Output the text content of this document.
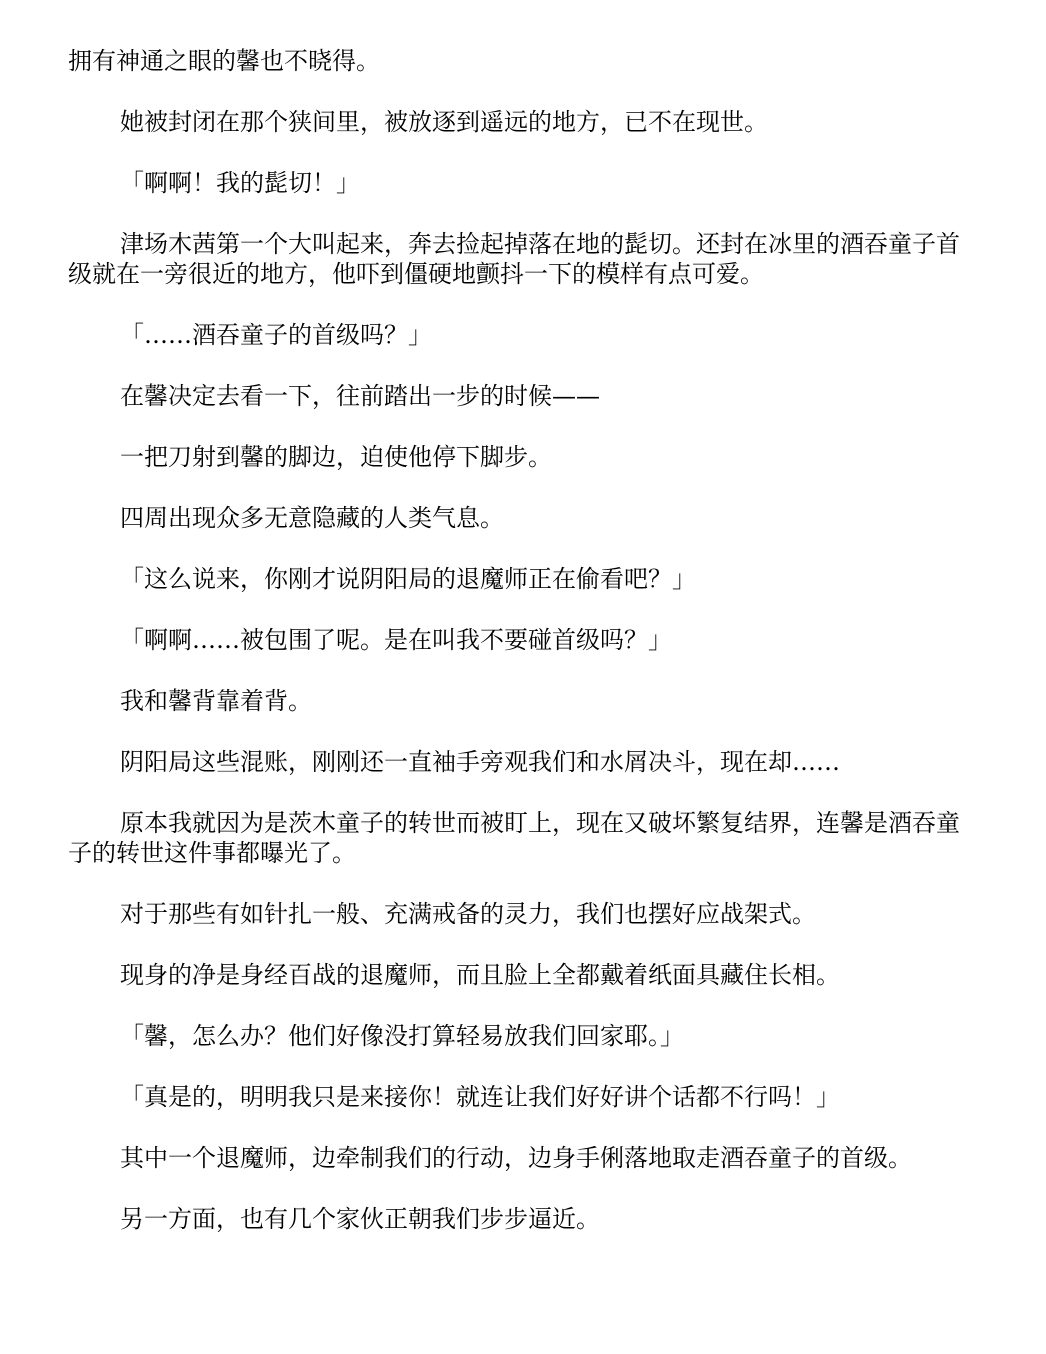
拥有神通之眼的馨也不晓得。

她被封闭在那个狭间里，被放逐到遥远的地方，已不在现世。

「啊啊！我的髭切！」

津场木茜第一个大叫起来，奔去捡起掉落在地的髭切。还封在冰里的酒吞童子首级就在一旁很近的地方，他吓到僵硬地颤抖一下的模样有点可爱。

「……酒吞童子的首级吗？」

在馨决定去看一下，往前踏出一步的时候——

一把刀射到馨的脚边，迫使他停下脚步。

四周出现众多无意隐藏的人类气息。

「这么说来，你刚才说阴阳局的退魔师正在偷看吧？」

「啊啊……被包围了呢。是在叫我不要碰首级吗？」

我和馨背靠着背。

阴阳局这些混账，刚刚还一直袖手旁观我们和水屑决斗，现在却……

原本我就因为是茨木童子的转世而被盯上，现在又破坏繁复结界，连馨是酒吞童子的转世这件事都曝光了。

对于那些有如针扎一般、充满戒备的灵力，我们也摆好应战架式。

现身的净是身经百战的退魔师，而且脸上全都戴着纸面具藏住长相。

「馨，怎么办？他们好像没打算轻易放我们回家耶。」

「真是的，明明我只是来接你！就连让我们好好讲个话都不行吗！」

其中一个退魔师，边牵制我们的行动，边身手俐落地取走酒吞童子的首级。

另一方面，也有几个家伙正朝我们步步逼近。
